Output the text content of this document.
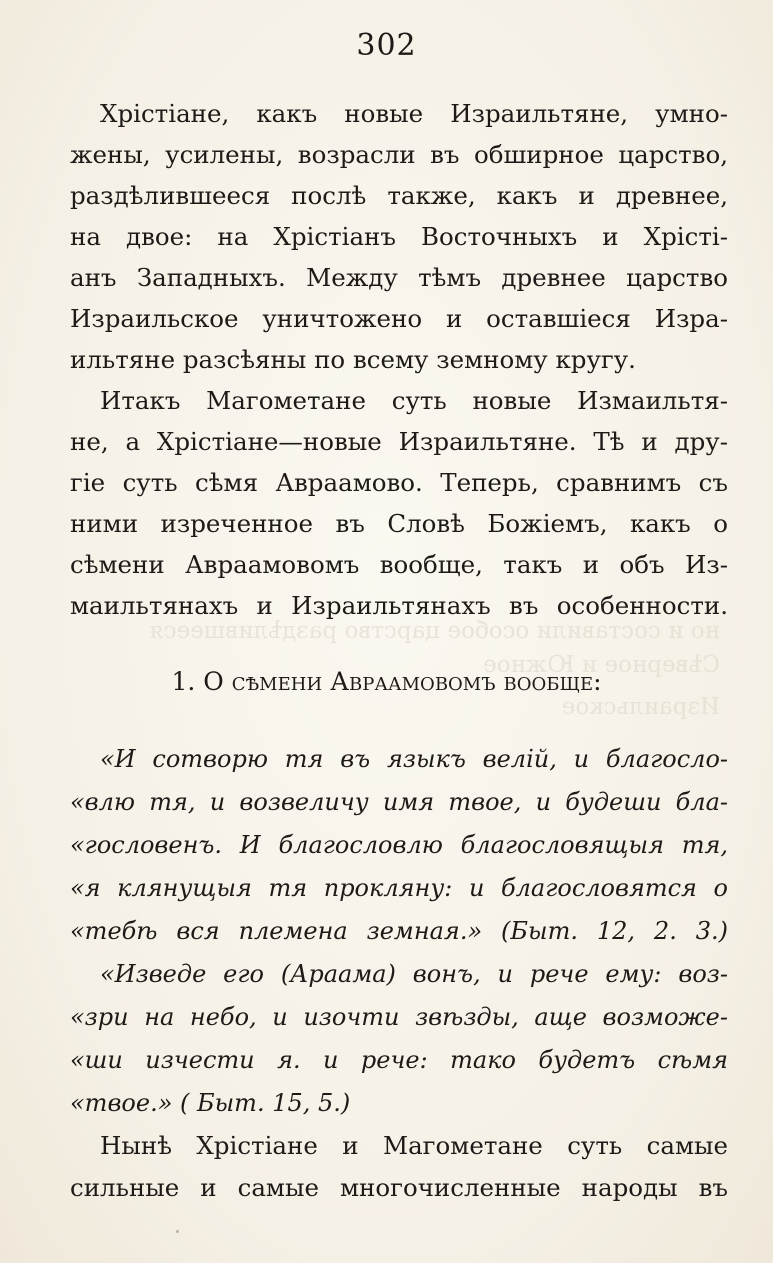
302
но и составили особое царство раздѣлившееся
Сѣверное и Южное
Израильское
Хрістіане, какъ новые Израильтяне, умно-
жены, усилены, возрасли въ обширное царство,
раздѣлившееся послѣ также, какъ и древнее,
на двое: на Хрістіанъ Восточныхъ и Хрісті-
анъ Западныхъ. Между тѣмъ древнее царство
Израильское уничтожено и оставшіеся Изра-
ильтяне разсѣяны по всему земному кругу.
Итакъ Магометане суть новые Измаильтя-
не, а Хрістіане—новые Израильтяне. Тѣ и дру-
гіе суть сѣмя Авраамово. Теперь, сравнимъ съ
ними изреченное въ Словѣ Божіемъ, какъ о
сѣмени Авраамовомъ вообще, такъ и объ Из-
маильтянахъ и Израильтянахъ въ особенности.
1. О сѣмени Авраамовомъ вообще:
«И сотворю тя въ языкъ велій, и благосло-
«влю тя, и возвеличу имя твое, и будеши бла-
«гословенъ. И благословлю благословящыя тя,
«я клянущыя тя прокляну: и благословятся о
«тебѣ вся племена земная.» (Быт. 12, 2. 3.)
«Изведе его (Араама) вонъ, и рече ему: воз-
«зри на небо, и изочти звѣзды, аще возможе-
«ши изчести я. и рече: тако будетъ сѣмя
«твое.» ( Быт. 15, 5.)
Нынѣ Хрістіане и Магометане суть самые
сильные и самые многочисленные народы въ
